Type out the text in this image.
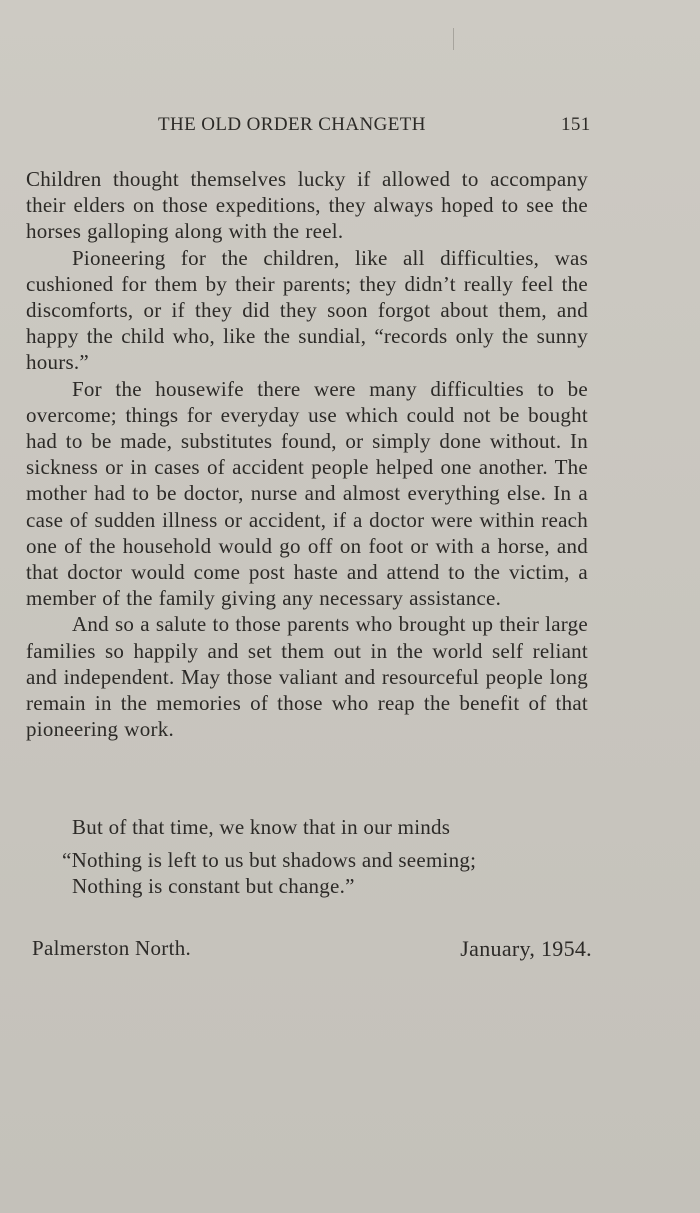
THE OLD ORDER CHANGETH	151

Children thought themselves lucky if allowed to accompany their elders on those expeditions, they always hoped to see the horses galloping along with the reel.

Pioneering for the children, like all difficulties, was cushioned for them by their parents; they didn’t really feel the discomforts, or if they did they soon forgot about them, and happy the child who, like the sundial, “records only the sunny hours.”

For the housewife there were many difficulties to be overcome; things for everyday use which could not be bought had to be made, substitutes found, or simply done without. In sickness or in cases of accident people helped one another. The mother had to be doctor, nurse and almost everything else. In a case of sudden illness or accident, if a doctor were within reach one of the household would go off on foot or with a horse, and that doctor would come post haste and attend to the victim, a member of the family giving any necessary assistance.

And so a salute to those parents who brought up their large families so happily and set them out in the world self reliant and independent. May those valiant and resourceful people long remain in the memories of those who reap the benefit of that pioneering work.

But of that time, we know that in our minds

“Nothing is left to us but shadows and seeming;

Nothing is constant but change.”

Palmerston North.	January, 1954.
